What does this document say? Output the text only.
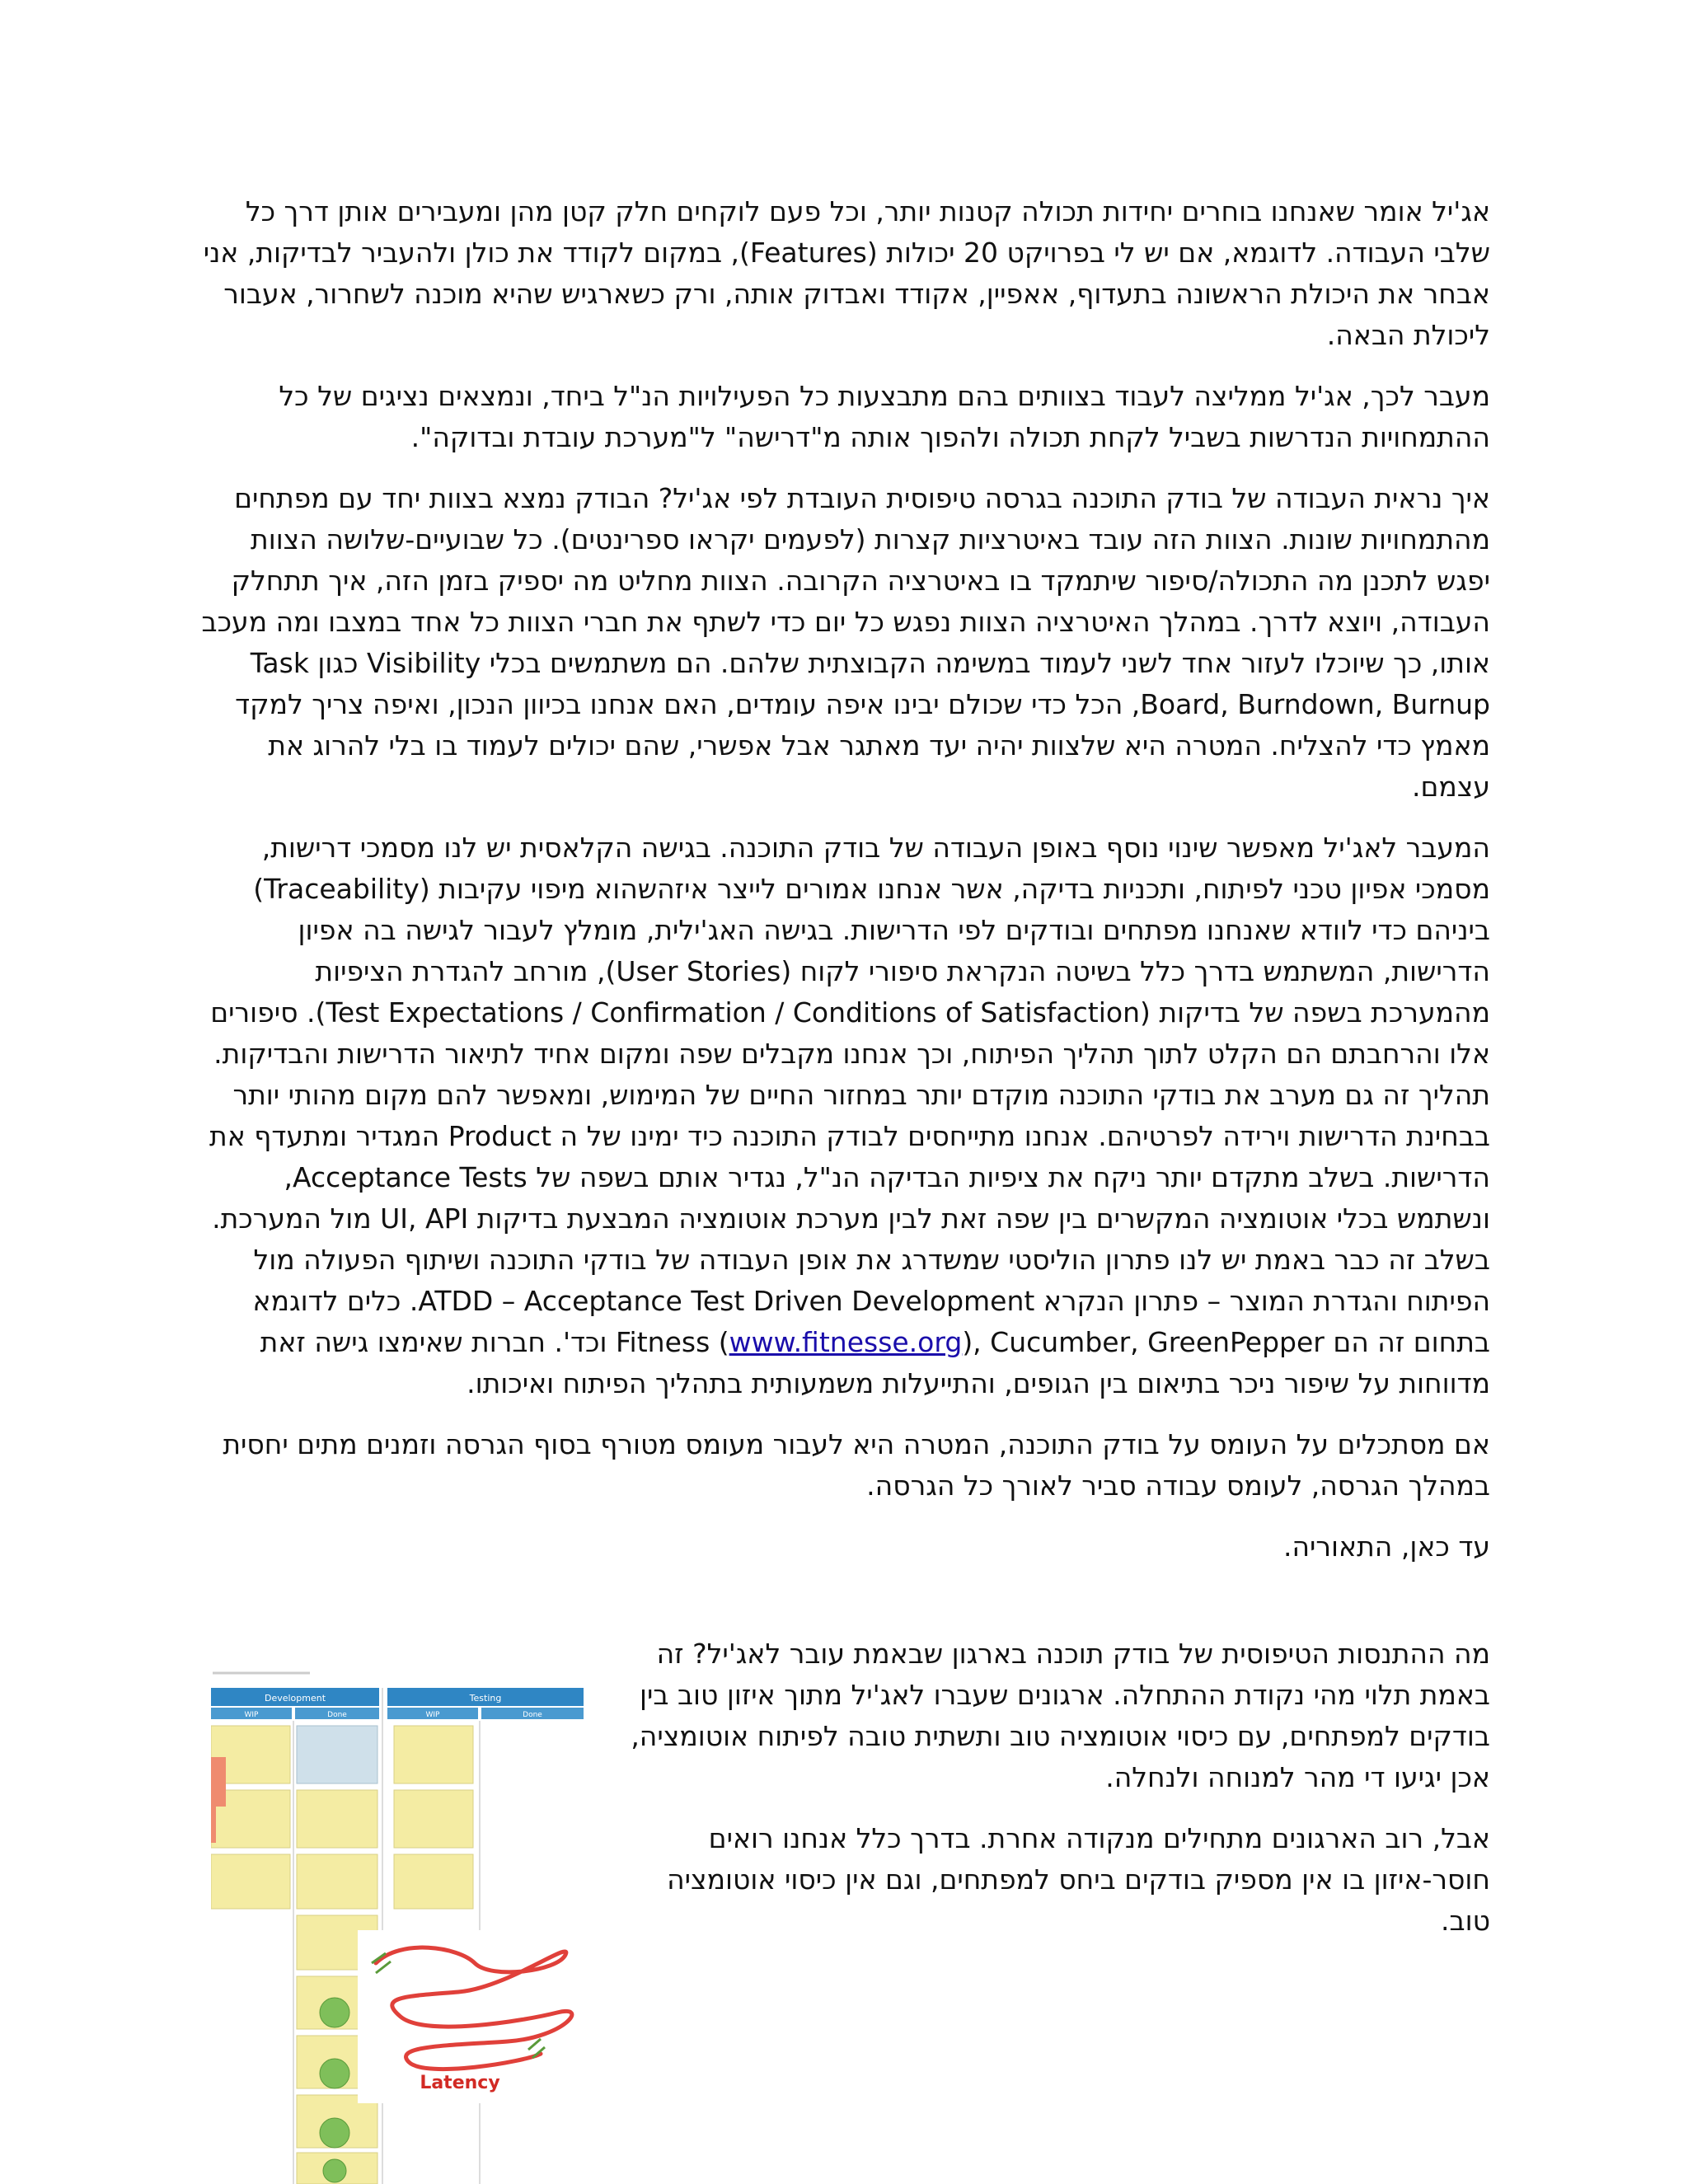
אג'יל אומר שאנחנו בוחרים יחידות תכולה קטנות יותר, וכל פעם לוקחים חלק קטן מהן ומעבירים אותן דרך כל שלבי העבודה. לדוגמא, אם יש לי בפרויקט 20 יכולות (Features), במקום לקודד את כולן ולהעביר לבדיקות, אני אבחר את היכולת הראשונה בתעדוף, אאפיין, אקודד ואבדוק אותה, ורק כשארגיש שהיא מוכנה לשחרור, אעבור ליכולת הבאה.

מעבר לכך, אג'יל ממליצה לעבוד בצוותים בהם מתבצעות כל הפעילויות הנ"ל ביחד, ונמצאים נציגים של כל ההתמחויות הנדרשות בשביל לקחת תכולה ולהפוך אותה מ"דרישה" ל"מערכת עובדת ובדוקה".

איך נראית העבודה של בודק התוכנה בגרסה טיפוסית העובדת לפי אג'יל? הבודק נמצא בצוות יחד עם מפתחים מהתמחויות שונות. הצוות הזה עובד באיטרציות קצרות (לפעמים יקראו ספרינטים). כל שבועיים-שלושה הצוות יפגש לתכנן מה התכולה/סיפור שיתמקד בו באיטרציה הקרובה. הצוות מחליט מה יספיק בזמן הזה, איך תתחלק העבודה, ויוצא לדרך. במהלך האיטרציה הצוות נפגש כל יום כדי לשתף את חברי הצוות כל אחד במצבו ומה מעכב אותו, כך שיוכלו לעזור אחד לשני לעמוד במשימה הקבוצתית שלהם. הם משתמשים בכלי Visibility כגון Task Board, Burndown, Burnup, הכל כדי שכולם יבינו איפה עומדים, האם אנחנו בכיוון הנכון, ואיפה צריך למקד מאמץ כדי להצליח. המטרה היא שלצוות יהיה יעד מאתגר אבל אפשרי, שהם יכולים לעמוד בו בלי להרוג את עצמם.

המעבר לאג'יל מאפשר שינוי נוסף באופן העבודה של בודק התוכנה. בגישה הקלאסית יש לנו מסמכי דרישות, מסמכי אפיון טכני לפיתוח, ותכניות בדיקה, אשר אנחנו אמורים לייצר איזהשהוא מיפוי עקיבות (Traceability) ביניהם כדי לוודא שאנחנו מפתחים ובודקים לפי הדרישות. בגישה האג'ילית, מומלץ לעבור לגישה בה אפיון הדרישות, המשתמש בדרך כלל בשיטה הנקראת סיפורי לקוח (User Stories), מורחב להגדרת הציפיות מהמערכת בשפה של בדיקות (Test Expectations / Confirmation / Conditions of Satisfaction). סיפורים אלו והרחבתם הם הקלט לתוך תהליך הפיתוח, וכך אנחנו מקבלים שפה ומקום אחיד לתיאור הדרישות והבדיקות. תהליך זה גם מערב את בודקי התוכנה מוקדם יותר במחזור החיים של המימוש, ומאפשר להם מקום מהותי יותר בבחינת הדרישות וירידה לפרטיהם. אנחנו מתייחסים לבודק התוכנה כיד ימינו של ה Product המגדיר ומתעדף את הדרישות. בשלב מתקדם יותר ניקח את ציפיות הבדיקה הנ"ל, נגדיר אותם בשפה של Acceptance Tests, ונשתמש בכלי אוטומציה המקשרים בין שפה זאת לבין מערכת אוטומציה המבצעת בדיקות UI, API מול המערכת. בשלב זה כבר באמת יש לנו פתרון הוליסטי שמשדרג את אופן העבודה של בודקי התוכנה ושיתוף הפעולה מול הפיתוח והגדרת המוצר – פתרון הנקרא ATDD – Acceptance Test Driven Development. כלים לדוגמא בתחום זה הם Fitness (www.fitnesse.org), Cucumber, GreenPepper וכד'. חברות שאימצו גישה זאת מדווחות על שיפור ניכר בתיאום בין הגופים, והתייעלות משמעותית בתהליך הפיתוח ואיכותו.

אם מסתכלים על העומס על בודק התוכנה, המטרה היא לעבור מעומס מטורף בסוף הגרסה וזמנים מתים יחסית במהלך הגרסה, לעומס עבודה סביר לאורך כל הגרסה.

עד כאן, התאוריה.

מה ההתנסות הטיפוסית של בודק תוכנה בארגון שבאמת עובר לאג'יל? זה באמת תלוי מהי נקודת ההתחלה. ארגונים שעברו לאג'יל מתוך איזון טוב בין בודקים למפתחים, עם כיסוי אוטומציה טוב ותשתית טובה לפיתוח אוטומציה, אכן יגיעו די מהר למנוחה ולנחלה.

אבל, רוב הארגונים מתחילים מנקודה אחרת. בדרך כלל אנחנו רואים חוסר-איזון בו אין מספיק בודקים ביחס למפתחים, וגם אין כיסוי אוטומציה טוב.

Development	Testing
WIP	Done	WIP	Done
Latency
